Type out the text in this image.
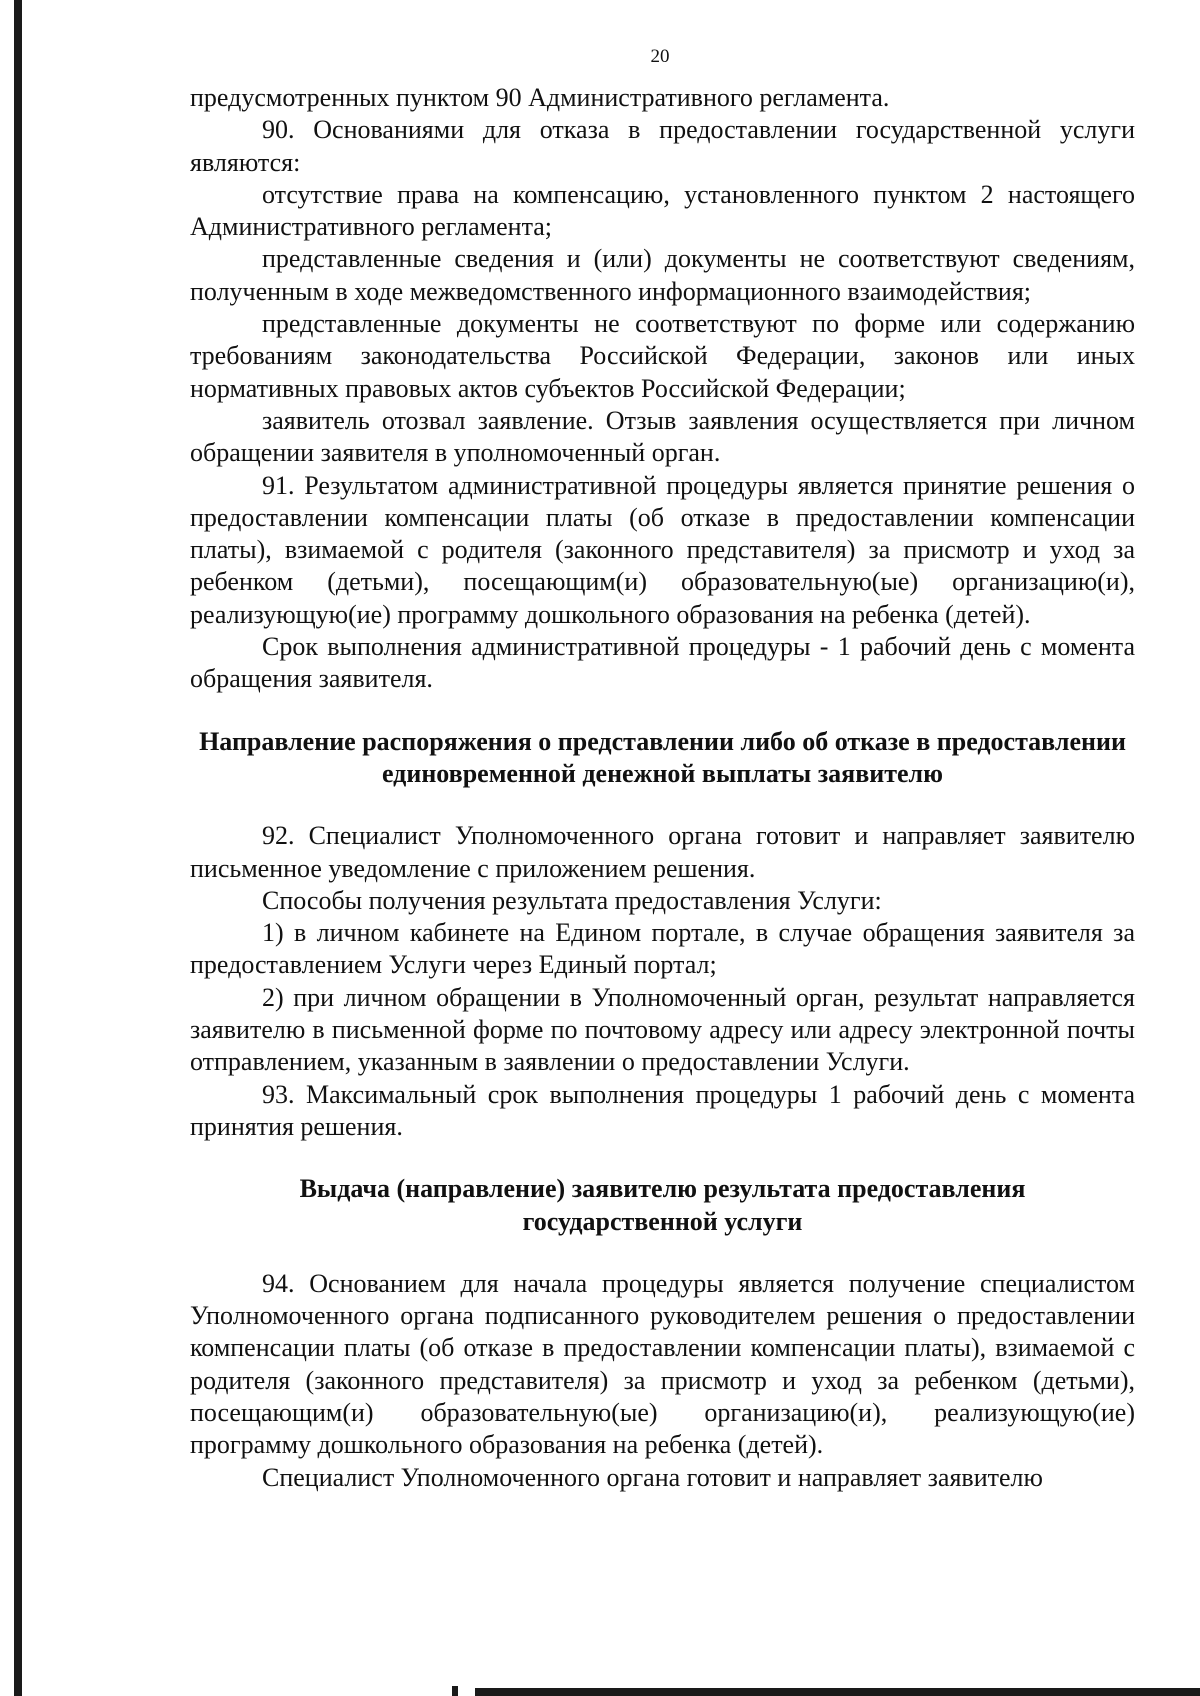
20

предусмотренных пунктом 90 Административного регламента.

90. Основаниями для отказа в предоставлении государственной услуги являются:

отсутствие права на компенсацию, установленного пунктом 2 настоящего Административного регламента;

представленные сведения и (или) документы не соответствуют сведениям, полученным в ходе межведомственного информационного взаимодействия;

представленные документы не соответствуют по форме или содержанию требованиям законодательства Российской Федерации, законов или иных нормативных правовых актов субъектов Российской Федерации;

заявитель отозвал заявление. Отзыв заявления осуществляется при личном обращении заявителя в уполномоченный орган.

91. Результатом административной процедуры является принятие решения о предоставлении компенсации платы (об отказе в предоставлении компенсации платы), взимаемой с родителя (законного представителя) за присмотр и уход за ребенком (детьми), посещающим(и) образовательную(ые) организацию(и), реализующую(ие) программу дошкольного образования на ребенка (детей).

Срок выполнения административной процедуры - 1 рабочий день с момента обращения заявителя.

Направление распоряжения о представлении либо об отказе в предоставлении единовременной денежной выплаты заявителю

92. Специалист Уполномоченного органа готовит и направляет заявителю письменное уведомление с приложением решения.

Способы получения результата предоставления Услуги:

1) в личном кабинете на Едином портале, в случае обращения заявителя за предоставлением Услуги через Единый портал;

2) при личном обращении в Уполномоченный орган, результат направляется заявителю в письменной форме по почтовому адресу или адресу электронной почты отправлением, указанным в заявлении о предоставлении Услуги.

93. Максимальный срок выполнения процедуры 1 рабочий день с момента принятия решения.

Выдача (направление) заявителю результата предоставления государственной услуги

94. Основанием для начала процедуры является получение специалистом Уполномоченного органа подписанного руководителем решения о предоставлении компенсации платы (об отказе в предоставлении компенсации платы), взимаемой с родителя (законного представителя) за присмотр и уход за ребенком (детьми), посещающим(и) образовательную(ые) организацию(и), реализующую(ие) программу дошкольного образования на ребенка (детей).

Специалист Уполномоченного органа готовит и направляет заявителю
